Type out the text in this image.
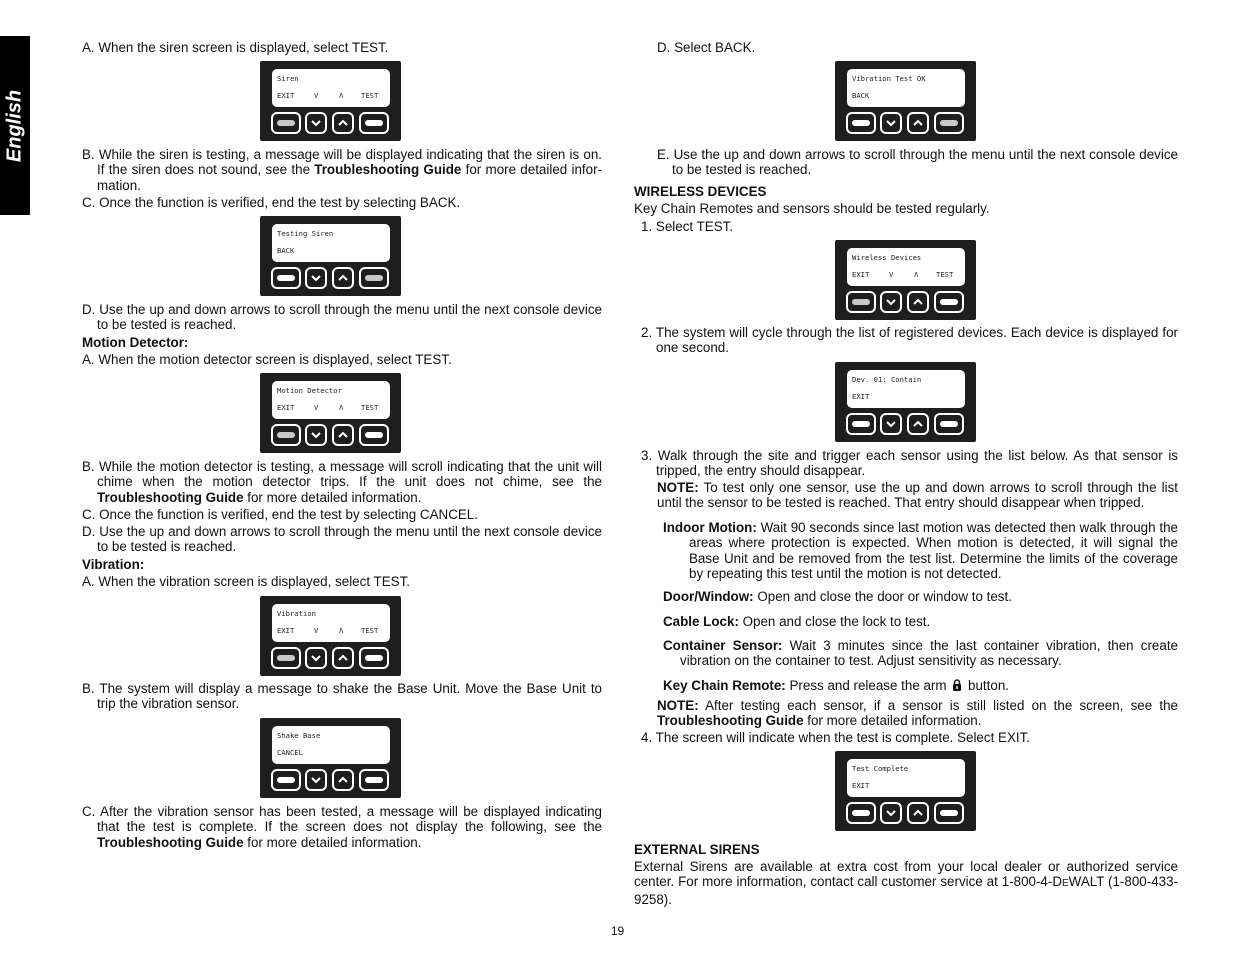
English
A. When the siren screen is displayed, select TEST.
Siren
EXIT	V	Λ TEST
B. While the siren is testing, a message will be displayed indicating that the siren is on. If the siren does not sound, see the Troubleshooting Guide for more detailed infor-mation.
C. Once the function is verified, end the test by selecting BACK.
Testing Siren
BACK
D. Use the up and down arrows to scroll through the menu until the next console device to be tested is reached.
Motion Detector:
A. When the motion detector screen is displayed, select TEST.
Motion Detector
EXIT	V	Λ TEST
B. While the motion detector is testing, a message will scroll indicating that the unit will chime when the motion detector trips. If the unit does not chime, see the Troubleshooting Guide for more detailed information.
C. Once the function is verified, end the test by selecting CANCEL.
D. Use the up and down arrows to scroll through the menu until the next console device to be tested is reached.
Vibration:
A. When the vibration screen is displayed, select TEST.
Vibration
EXIT	V	Λ TEST
B. The system will display a message to shake the Base Unit. Move the Base Unit to trip the vibration sensor.
Shake Base
CANCEL
C. After the vibration sensor has been tested, a message will be displayed indicating that the test is complete. If the screen does not display the following, see the Troubleshooting Guide for more detailed information.
D. Select BACK.
Vibration Test OK
BACK
E. Use the up and down arrows to scroll through the menu until the next console device to be tested is reached.
WIRELESS DEVICES
Key Chain Remotes and sensors should be tested regularly.
1. Select TEST.
Wireless Devices
EXIT	V	Λ TEST
2. The system will cycle through the list of registered devices. Each device is displayed for one second.
Dev. 01: Contain
EXIT
3. Walk through the site and trigger each sensor using the list below. As that sensor is tripped, the entry should disappear.
NOTE: To test only one sensor, use the up and down arrows to scroll through the list until the sensor to be tested is reached. That entry should disappear when tripped.
Indoor Motion: Wait 90 seconds since last motion was detected then walk through the areas where protection is expected. When motion is detected, it will signal the Base Unit and be removed from the test list. Determine the limits of the coverage by repeating this test until the motion is not detected.
Door/Window: Open and close the door or window to test.
Cable Lock: Open and close the lock to test.
Container Sensor: Wait 3 minutes since the last container vibration, then create vibration on the container to test. Adjust sensitivity as necessary.
Key Chain Remote: Press and release the arm button.
NOTE: After testing each sensor, if a sensor is still listed on the screen, see the Troubleshooting Guide for more detailed information.
4. The screen will indicate when the test is complete. Select EXIT.
Test Complete
EXIT
EXTERNAL SIRENS
External Sirens are available at extra cost from your local dealer or authorized service center. For more information, contact call customer service at 1-800-4-DEWALT (1-800-433-9258).
19
